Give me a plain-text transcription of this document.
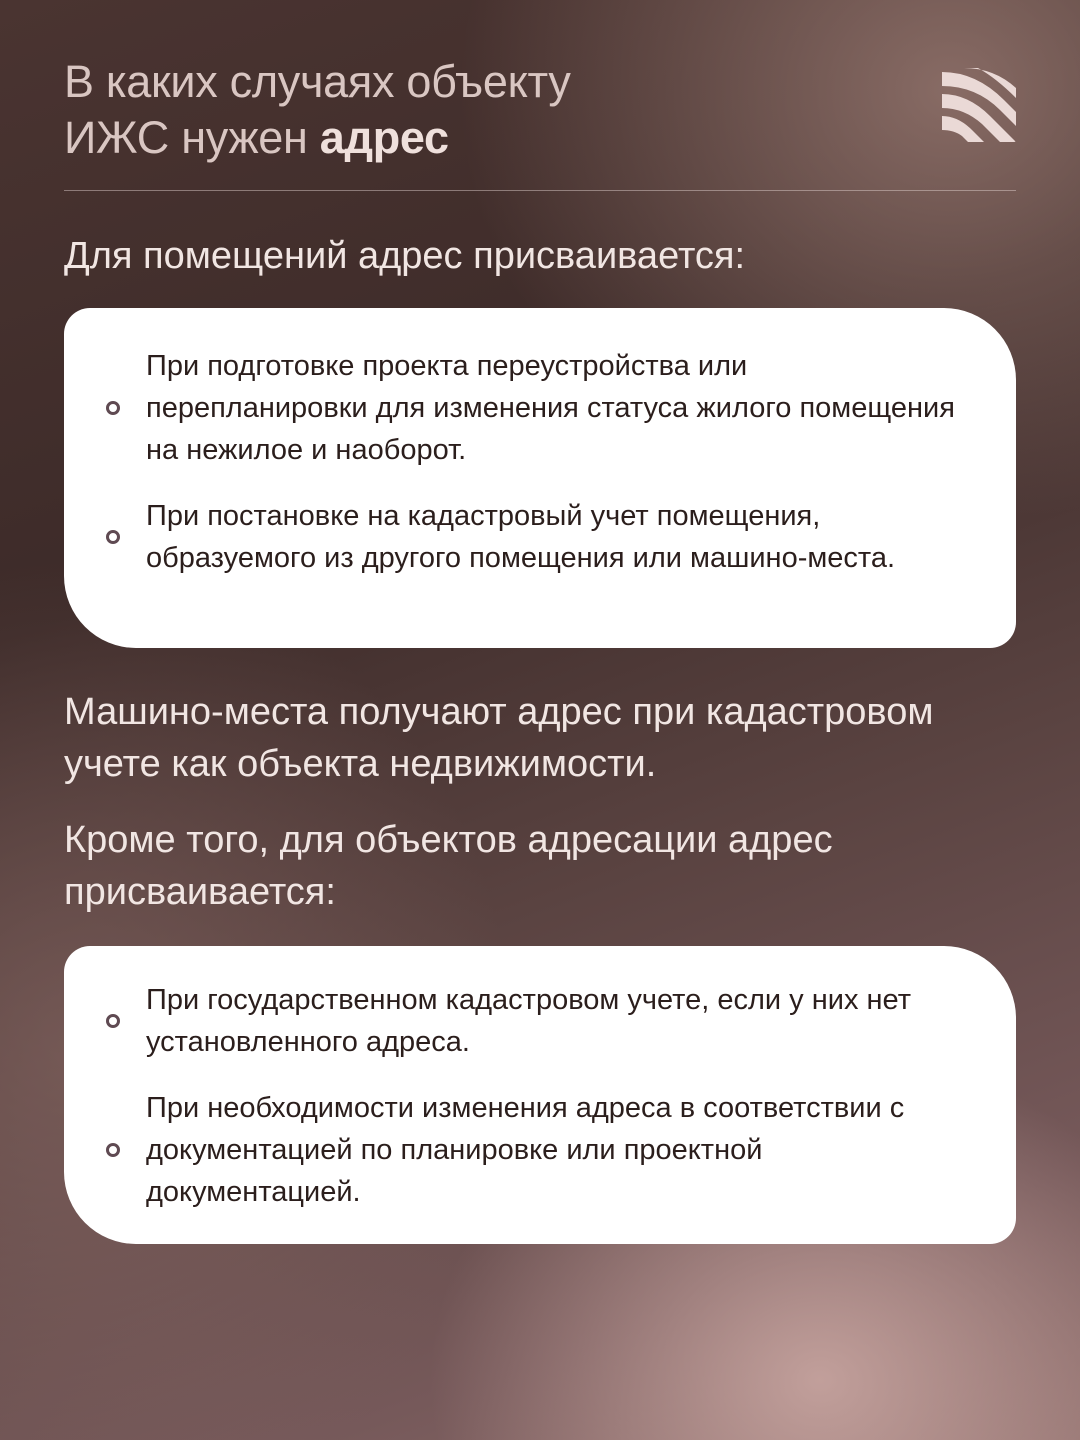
В каких случаях объекту
ИЖС нужен адрес

Для помещений адрес присваивается:

При подготовке проекта переустройства или перепланировки для изменения статуса жилого помещения на нежилое и наоборот.
При постановке на кадастровый учет помещения, образуемого из другого помещения или машино-места.

Машино-места получают адрес при кадастровом учете как объекта недвижимости.

Кроме того, для объектов адресации адрес присваивается:

При государственном кадастровом учете, если у них нет установленного адреса.
При необходимости изменения адреса в соответствии с документацией по планировке или проектной документацией.
